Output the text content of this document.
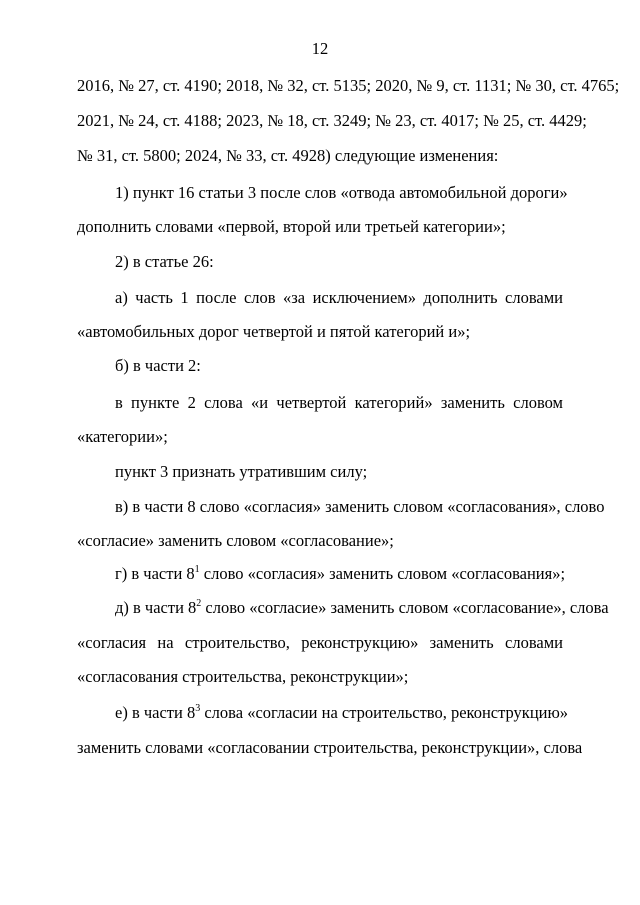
12
2016, № 27, ст. 4190; 2018, № 32, ст. 5135; 2020, № 9, ст. 1131; № 30, ст. 4765;
2021, № 24, ст. 4188; 2023, № 18, ст. 3249; № 23, ст. 4017; № 25, ст. 4429;
№ 31, ст. 5800; 2024, № 33, ст. 4928) следующие изменения:
1) пункт 16 статьи 3 после слов «отвода автомобильной дороги»
дополнить словами «первой, второй или третьей категории»;
2) в статье 26:
а) часть 1 после слов «за исключением» дополнить словами
«автомобильных дорог четвертой и пятой категорий и»;
б) в части 2:
в пункте 2 слова «и четвертой категорий» заменить словом
«категории»;
пункт 3 признать утратившим силу;
в) в части 8 слово «согласия» заменить словом «согласования», слово
«согласие» заменить словом «согласование»;
г) в части $8^1$ слово «согласия» заменить словом «согласования»;
д) в части $8^2$ слово «согласие» заменить словом «согласование», слова
«согласия на строительство, реконструкцию» заменить словами
«согласования строительства, реконструкции»;
е) в части $8^3$ слова «согласии на строительство, реконструкцию»
заменить словами «согласовании строительства, реконструкции», слова
